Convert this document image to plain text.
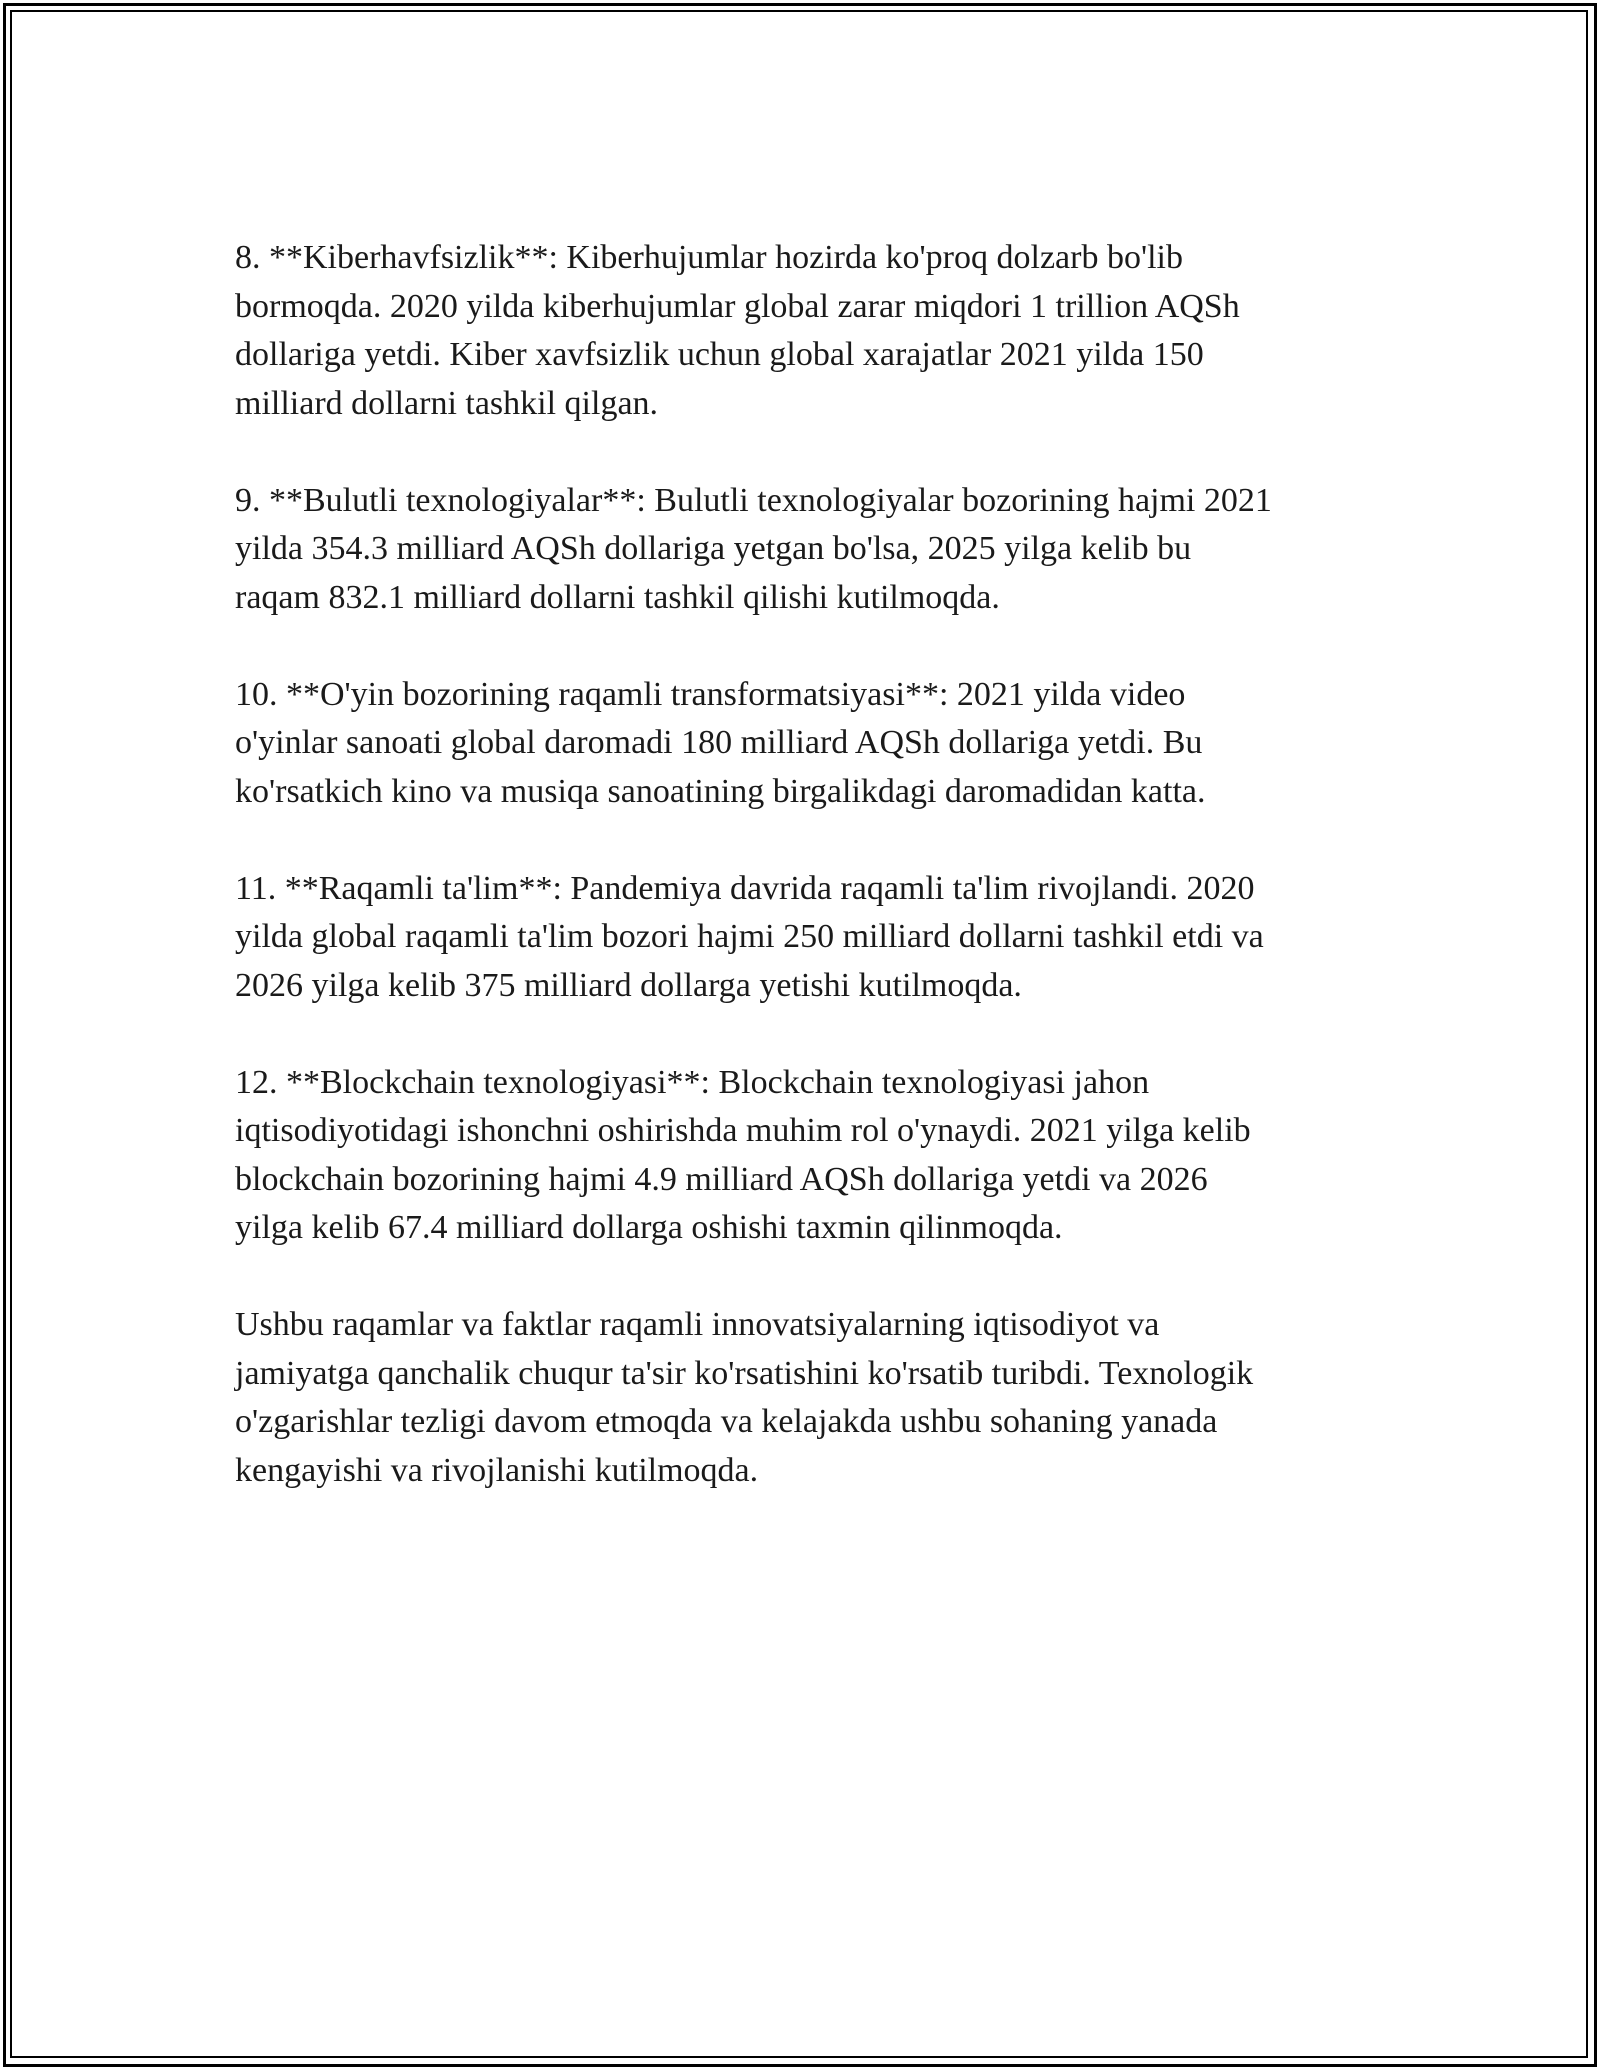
8. **Kiberhavfsizlik**: Kiberhujumlar hozirda ko'proq dolzarb bo'lib
bormoqda. 2020 yilda kiberhujumlar global zarar miqdori 1 trillion AQSh
dollariga yetdi. Kiber xavfsizlik uchun global xarajatlar 2021 yilda 150
milliard dollarni tashkil qilgan.

9. **Bulutli texnologiyalar**: Bulutli texnologiyalar bozorining hajmi 2021
yilda 354.3 milliard AQSh dollariga yetgan bo'lsa, 2025 yilga kelib bu
raqam 832.1 milliard dollarni tashkil qilishi kutilmoqda.

10. **O'yin bozorining raqamli transformatsiyasi**: 2021 yilda video
o'yinlar sanoati global daromadi 180 milliard AQSh dollariga yetdi. Bu
ko'rsatkich kino va musiqa sanoatining birgalikdagi daromadidan katta.

11. **Raqamli ta'lim**: Pandemiya davrida raqamli ta'lim rivojlandi. 2020
yilda global raqamli ta'lim bozori hajmi 250 milliard dollarni tashkil etdi va
2026 yilga kelib 375 milliard dollarga yetishi kutilmoqda.

12. **Blockchain texnologiyasi**: Blockchain texnologiyasi jahon
iqtisodiyotidagi ishonchni oshirishda muhim rol o'ynaydi. 2021 yilga kelib
blockchain bozorining hajmi 4.9 milliard AQSh dollariga yetdi va 2026
yilga kelib 67.4 milliard dollarga oshishi taxmin qilinmoqda.

Ushbu raqamlar va faktlar raqamli innovatsiyalarning iqtisodiyot va
jamiyatga qanchalik chuqur ta'sir ko'rsatishini ko'rsatib turibdi. Texnologik
o'zgarishlar tezligi davom etmoqda va kelajakda ushbu sohaning yanada
kengayishi va rivojlanishi kutilmoqda.
